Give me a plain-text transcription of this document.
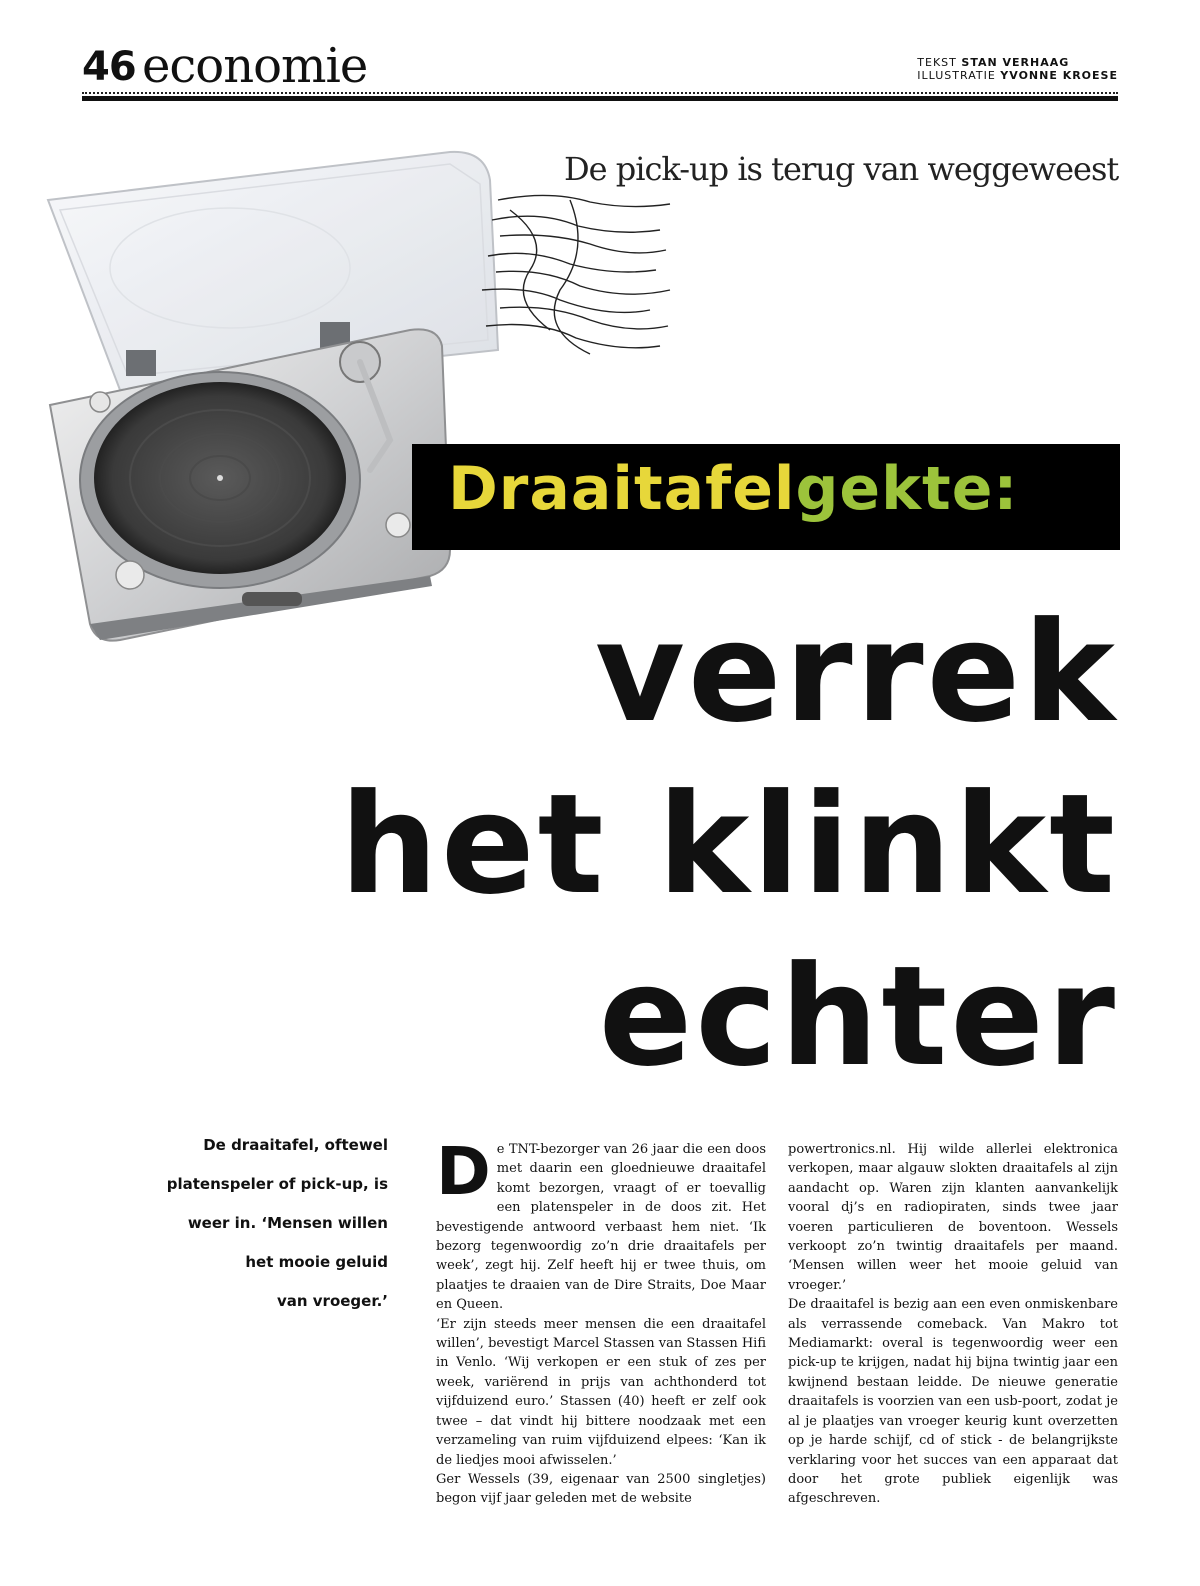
46 economie	TEKST STAN VERHAAG
ILLUSTRATIE YVONNE KROESE
De pick-up is terug van weggeweest
Draaitafelgekte:
verrek
het klinkt
echter
De draaitafel, oftewel
platenspeler of pick-up, is
weer in. ‘Mensen willen
het mooie geluid
van vroeger.’
D e TNT-bezorger van 26 jaar die een doos met daarin een gloednieuwe draaitafel komt bezorgen, vraagt of er toevallig een platenspeler in de doos zit. Het bevestigende antwoord verbaast hem niet. ‘Ik bezorg tegenwoordig zo’n drie draaitafels per week’, zegt hij. Zelf heeft hij er twee thuis, om plaatjes te draaien van de Dire Straits, Doe Maar en Queen.

‘Er zijn steeds meer mensen die een draaitafel willen’, bevestigt Marcel Stassen van Stassen Hifi in Venlo. ‘Wij verkopen er een stuk of zes per week, variërend in prijs van achthonderd tot vijfduizend euro.’ Stassen (40) heeft er zelf ook twee – dat vindt hij bittere noodzaak met een verzameling van ruim vijfduizend elpees: ‘Kan ik de liedjes mooi afwisselen.’

Ger Wessels (39, eigenaar van 2500 singletjes) begon vijf jaar geleden met de website

powertronics.nl. Hij wilde allerlei elektronica verkopen, maar algauw slokten draaitafels al zijn aandacht op. Waren zijn klanten aanvankelijk vooral dj’s en radiopiraten, sinds twee jaar voeren particulieren de boventoon. Wessels verkoopt zo’n twintig draaitafels per maand. ‘Mensen willen weer het mooie geluid van vroeger.’

De draaitafel is bezig aan een even onmiskenbare als verrassende comeback. Van Makro tot Mediamarkt: overal is tegenwoordig weer een pick-up te krijgen, nadat hij bijna twintig jaar een kwijnend bestaan leidde. De nieuwe generatie draaitafels is voorzien van een usb-poort, zodat je al je plaatjes van vroeger keurig kunt overzetten op je harde schijf, cd of stick - de belangrijkste verklaring voor het succes van een apparaat dat door het grote publiek eigenlijk was afgeschreven.
